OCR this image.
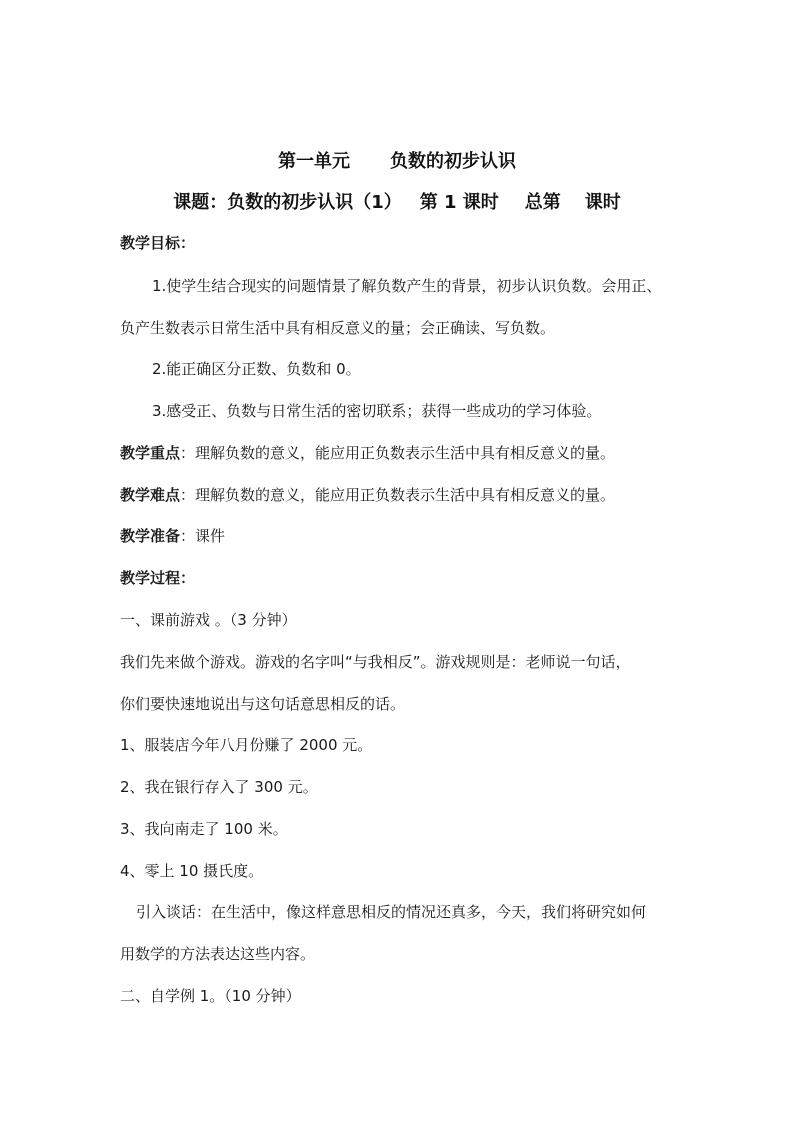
第一单元 负数的初步认识
课题：负数的初步认识（1） 第 1 课时 总第 课时
教学目标：
1.使学生结合现实的问题情景了解负数产生的背景，初步认识负数。会用正、
负产生数表示日常生活中具有相反意义的量；会正确读、写负数。
2.能正确区分正数、负数和 0。
3.感受正、负数与日常生活的密切联系；获得一些成功的学习体验。
教学重点：理解负数的意义，能应用正负数表示生活中具有相反意义的量。
教学难点：理解负数的意义，能应用正负数表示生活中具有相反意义的量。
教学准备：课件
教学过程：
一、课前游戏 。（3 分钟）
我们先来做个游戏。游戏的名字叫“与我相反”。游戏规则是：老师说一句话，
你们要快速地说出与这句话意思相反的话。
1、服装店今年八月份赚了 2000 元。
2、我在银行存入了 300 元。
3、我向南走了 100 米。
4、零上 10 摄氏度。
引入谈话：在生活中，像这样意思相反的情况还真多，今天，我们将研究如何
用数学的方法表达这些内容。
二、自学例 1。（10 分钟）
